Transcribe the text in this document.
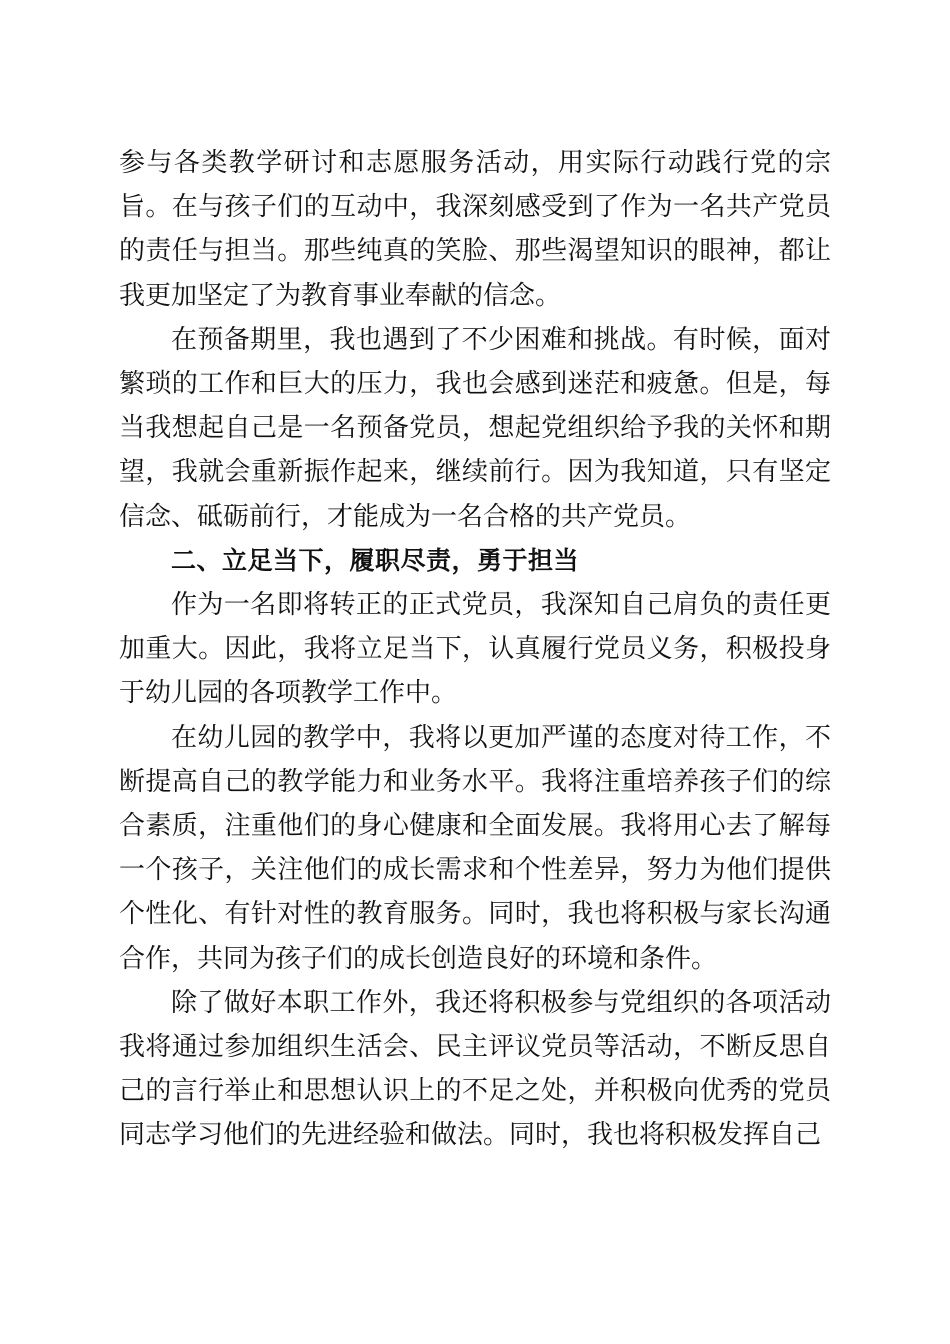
参与各类教学研讨和志愿服务活动，用实际行动践行党的宗旨。在与孩子们的互动中，我深刻感受到了作为一名共产党员的责任与担当。那些纯真的笑脸、那些渴望知识的眼神，都让我更加坚定了为教育事业奉献的信念。

在预备期里，我也遇到了不少困难和挑战。有时候，面对繁琐的工作和巨大的压力，我也会感到迷茫和疲惫。但是，每当我想起自己是一名预备党员，想起党组织给予我的关怀和期望，我就会重新振作起来，继续前行。因为我知道，只有坚定信念、砥砺前行，才能成为一名合格的共产党员。

二、立足当下，履职尽责，勇于担当

作为一名即将转正的正式党员，我深知自己肩负的责任更加重大。因此，我将立足当下，认真履行党员义务，积极投身于幼儿园的各项教学工作中。

在幼儿园的教学中，我将以更加严谨的态度对待工作，不断提高自己的教学能力和业务水平。我将注重培养孩子们的综合素质，注重他们的身心健康和全面发展。我将用心去了解每一个孩子，关注他们的成长需求和个性差异，努力为他们提供个性化、有针对性的教育服务。同时，我也将积极与家长沟通合作，共同为孩子们的成长创造良好的环境和条件。

除了做好本职工作外，我还将积极参与党组织的各项活动我将通过参加组织生活会、民主评议党员等活动，不断反思自己的言行举止和思想认识上的不足之处，并积极向优秀的党员同志学习他们的先进经验和做法。同时，我也将积极发挥自己
